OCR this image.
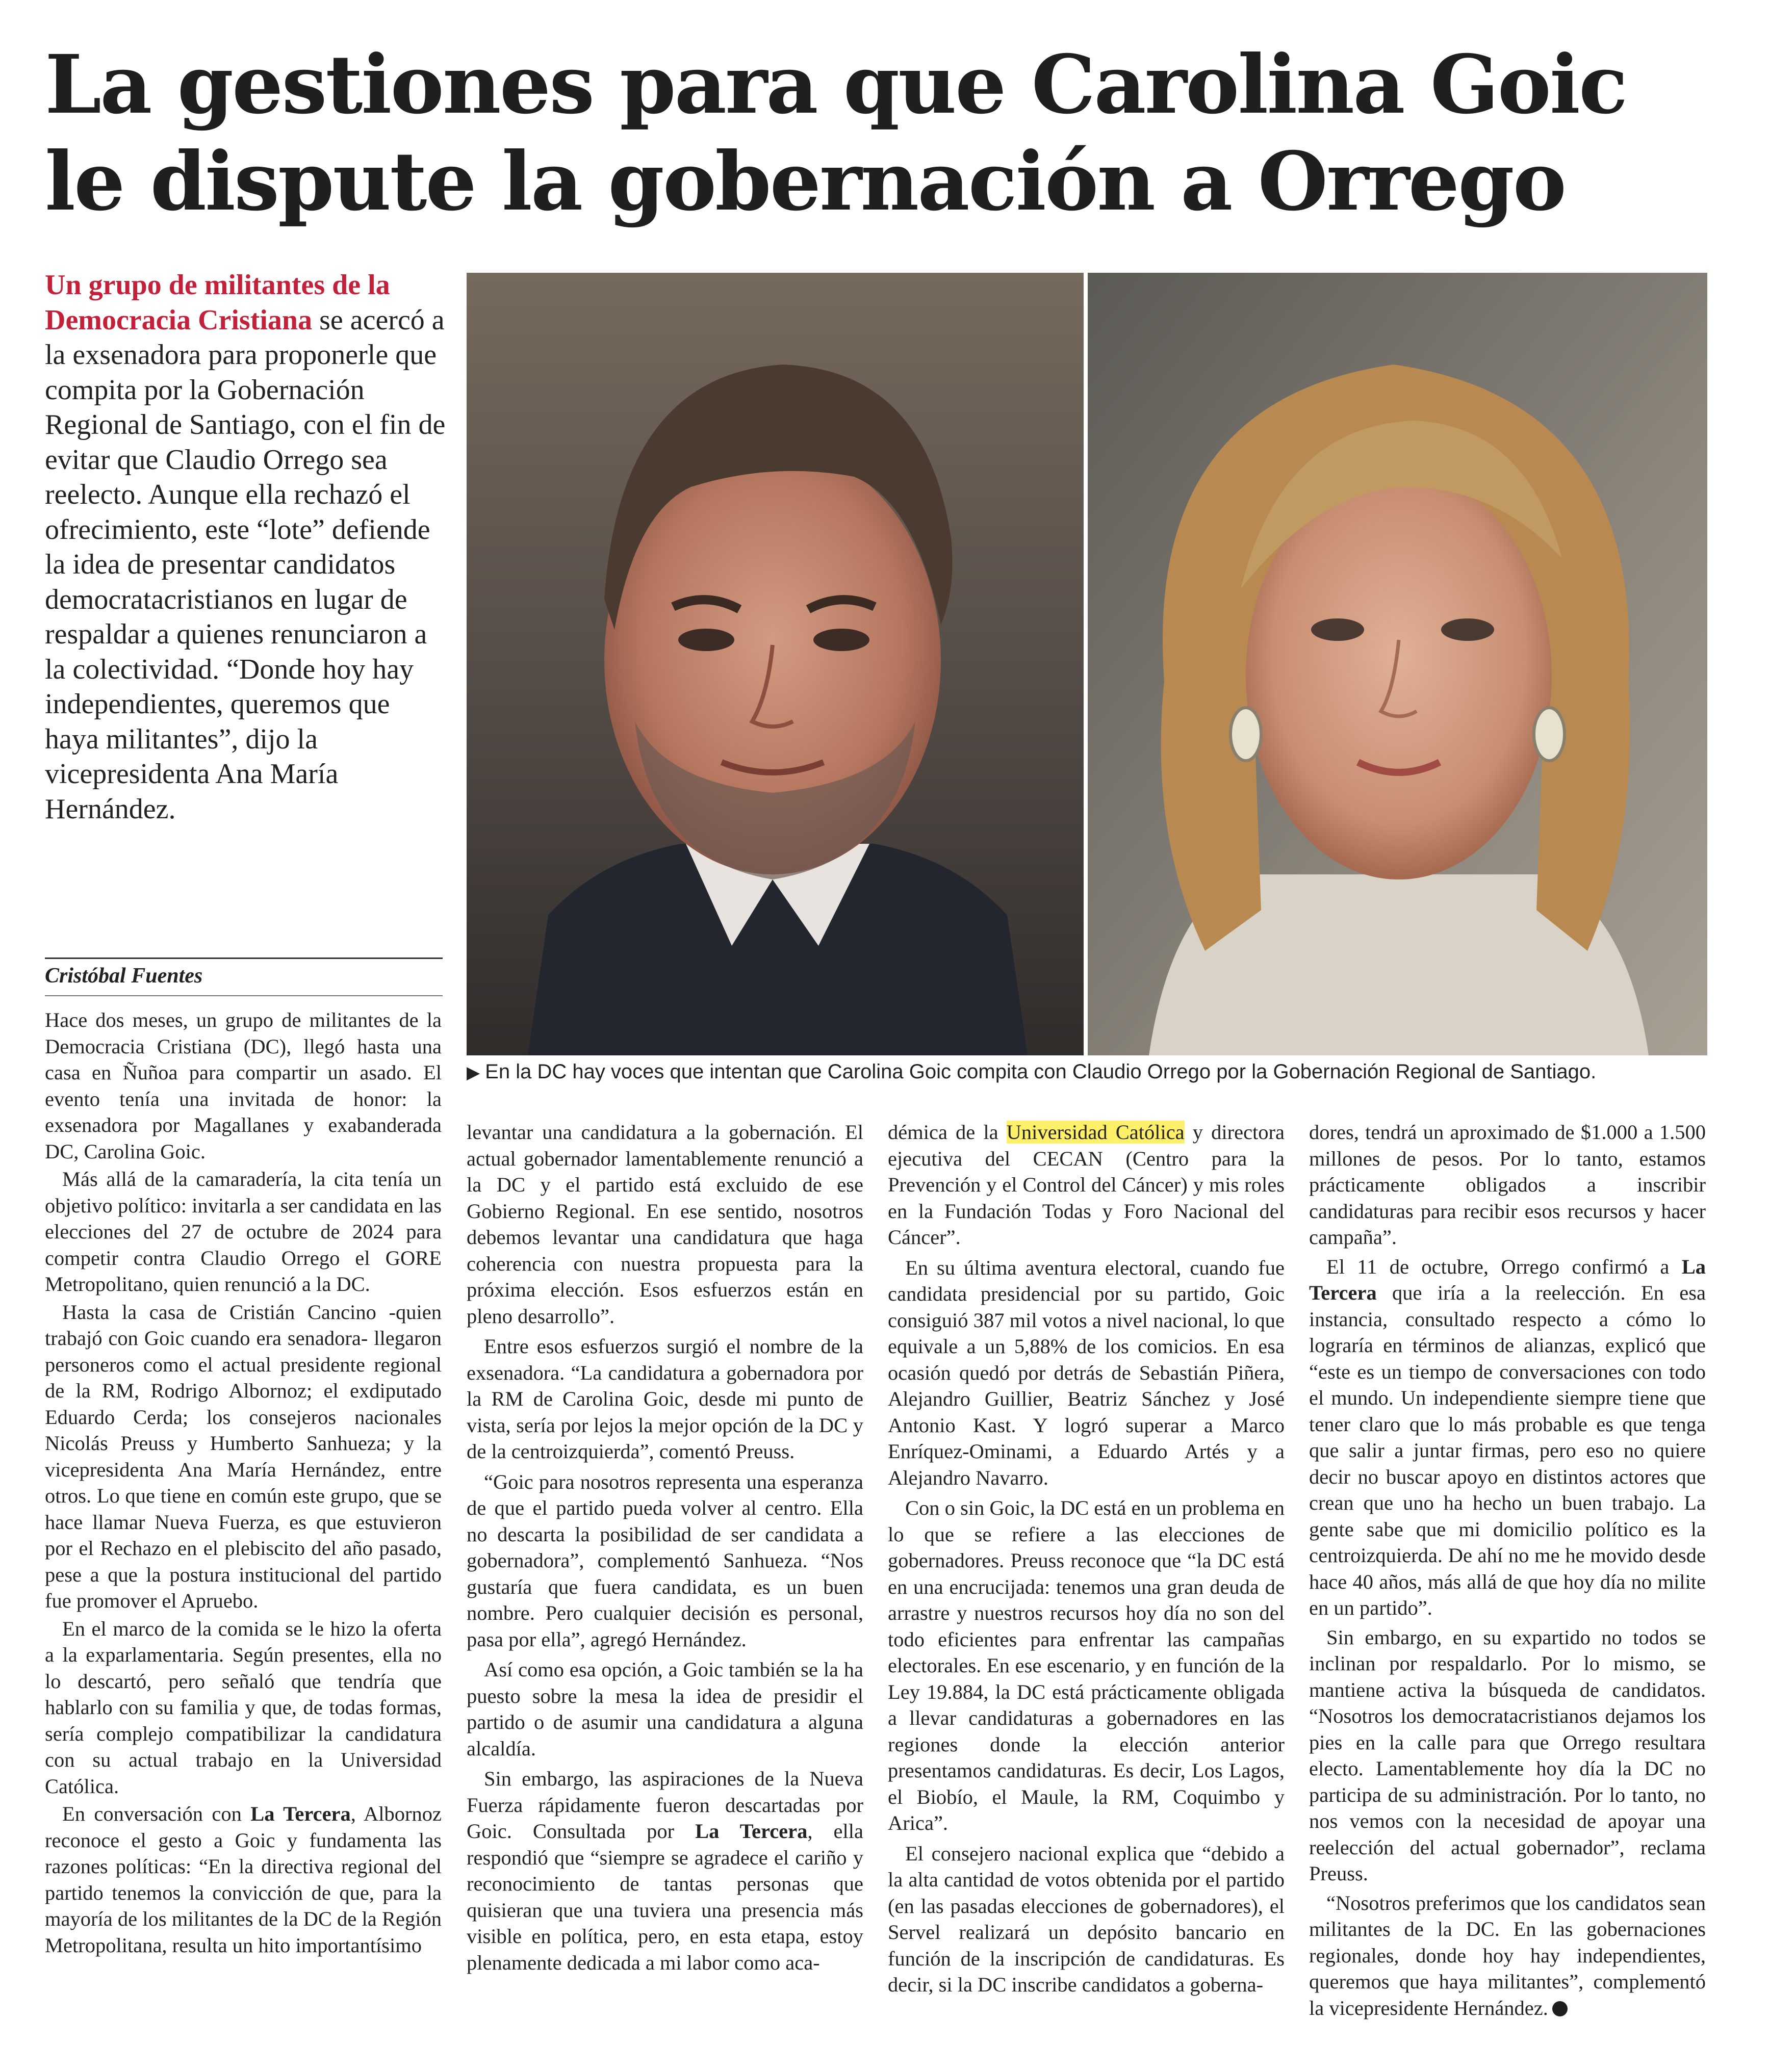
La gestiones para que Carolina Goic
le dispute la gobernación a Orrego
Un grupo de militantes de la Democracia Cristiana se acercó a la exsenadora para proponerle que compita por la Gobernación Regional de Santiago, con el fin de evitar que Claudio Orrego sea reelecto. Aunque ella rechazó el ofrecimiento, este “lote” defiende la idea de presentar candidatos democratacristianos en lugar de respaldar a quienes renunciaron a la colectividad. “Donde hoy hay independientes, queremos que haya militantes”, dijo la vicepresidenta Ana María Hernández.
Cristóbal Fuentes
▶ En la DC hay voces que intentan que Carolina Goic compita con Claudio Orrego por la Gobernación Regional de Santiago.

Hace dos meses, un grupo de militantes de la Democracia Cristiana (DC), llegó hasta una casa en Ñuñoa para compartir un asado. El evento tenía una invitada de honor: la exsenadora por Magallanes y exabanderada DC, Carolina Goic.

Más allá de la camaradería, la cita tenía un objetivo político: invitarla a ser candidata en las elecciones del 27 de octubre de 2024 para competir contra Claudio Orrego el GORE Metropolitano, quien renunció a la DC.

Hasta la casa de Cristián Cancino -quien trabajó con Goic cuando era senadora- llegaron personeros como el actual presidente regional de la RM, Rodrigo Albornoz; el exdiputado Eduardo Cerda; los consejeros nacionales Nicolás Preuss y Humberto Sanhueza; y la vicepresidenta Ana María Hernández, entre otros. Lo que tiene en común este grupo, que se hace llamar Nueva Fuerza, es que estuvieron por el Rechazo en el plebiscito del año pasado, pese a que la postura institucional del partido fue promover el Apruebo.

En el marco de la comida se le hizo la oferta a la exparlamentaria. Según presentes, ella no lo descartó, pero señaló que tendría que hablarlo con su familia y que, de todas formas, sería complejo compatibilizar la candidatura con su actual trabajo en la Universidad Católica.

En conversación con La Tercera, Albornoz reconoce el gesto a Goic y fundamenta las razones políticas: “En la directiva regional del partido tenemos la convicción de que, para la mayoría de los militantes de la DC de la Región Metropolitana, resulta un hito importantísimo

levantar una candidatura a la gobernación. El actual gobernador lamentablemente renunció a la DC y el partido está excluido de ese Gobierno Regional. En ese sentido, nosotros debemos levantar una candidatura que haga coherencia con nuestra propuesta para la próxima elección. Esos esfuerzos están en pleno desarrollo”.

Entre esos esfuerzos surgió el nombre de la exsenadora. “La candidatura a gobernadora por la RM de Carolina Goic, desde mi punto de vista, sería por lejos la mejor opción de la DC y de la centroizquierda”, comentó Preuss.

“Goic para nosotros representa una esperanza de que el partido pueda volver al centro. Ella no descarta la posibilidad de ser candidata a gobernadora”, complementó Sanhueza. “Nos gustaría que fuera candidata, es un buen nombre. Pero cualquier decisión es personal, pasa por ella”, agregó Hernández.

Así como esa opción, a Goic también se la ha puesto sobre la mesa la idea de presidir el partido o de asumir una candidatura a alguna alcaldía.

Sin embargo, las aspiraciones de la Nueva Fuerza rápidamente fueron descartadas por Goic. Consultada por La Tercera, ella respondió que “siempre se agradece el cariño y reconocimiento de tantas personas que quisieran que una tuviera una presencia más visible en política, pero, en esta etapa, estoy plenamente dedicada a mi labor como aca-

démica de la Universidad Católica y directora ejecutiva del CECAN (Centro para la Prevención y el Control del Cáncer) y mis roles en la Fundación Todas y Foro Nacional del Cáncer”.

En su última aventura electoral, cuando fue candidata presidencial por su partido, Goic consiguió 387 mil votos a nivel nacional, lo que equivale a un 5,88% de los comicios. En esa ocasión quedó por detrás de Sebastián Piñera, Alejandro Guillier, Beatriz Sánchez y José Antonio Kast. Y logró superar a Marco Enríquez-Ominami, a Eduardo Artés y a Alejandro Navarro.

Con o sin Goic, la DC está en un problema en lo que se refiere a las elecciones de gobernadores. Preuss reconoce que “la DC está en una encrucijada: tenemos una gran deuda de arrastre y nuestros recursos hoy día no son del todo eficientes para enfrentar las campañas electorales. En ese escenario, y en función de la Ley 19.884, la DC está prácticamente obligada a llevar candidaturas a gobernadores en las regiones donde la elección anterior presentamos candidaturas. Es decir, Los Lagos, el Biobío, el Maule, la RM, Coquimbo y Arica”.

El consejero nacional explica que “debido a la alta cantidad de votos obtenida por el partido (en las pasadas elecciones de gobernadores), el Servel realizará un depósito bancario en función de la inscripción de candidaturas. Es decir, si la DC inscribe candidatos a goberna-

dores, tendrá un aproximado de $1.000 a 1.500 millones de pesos. Por lo tanto, estamos prácticamente obligados a inscribir candidaturas para recibir esos recursos y hacer campaña”.

El 11 de octubre, Orrego confirmó a La Tercera que iría a la reelección. En esa instancia, consultado respecto a cómo lo lograría en términos de alianzas, explicó que “este es un tiempo de conversaciones con todo el mundo. Un independiente siempre tiene que tener claro que lo más probable es que tenga que salir a juntar firmas, pero eso no quiere decir no buscar apoyo en distintos actores que crean que uno ha hecho un buen trabajo. La gente sabe que mi domicilio político es la centroizquierda. De ahí no me he movido desde hace 40 años, más allá de que hoy día no milite en un partido”.

Sin embargo, en su expartido no todos se inclinan por respaldarlo. Por lo mismo, se mantiene activa la búsqueda de candidatos. “Nosotros los democratacristianos dejamos los pies en la calle para que Orrego resultara electo. Lamentablemente hoy día la DC no participa de su administración. Por lo tanto, no nos vemos con la necesidad de apoyar una reelección del actual gobernador”, reclama Preuss.

“Nosotros preferimos que los candidatos sean militantes de la DC. En las gobernaciones regionales, donde hoy hay independientes, queremos que haya militantes”, complementó la vicepresidente Hernández.
